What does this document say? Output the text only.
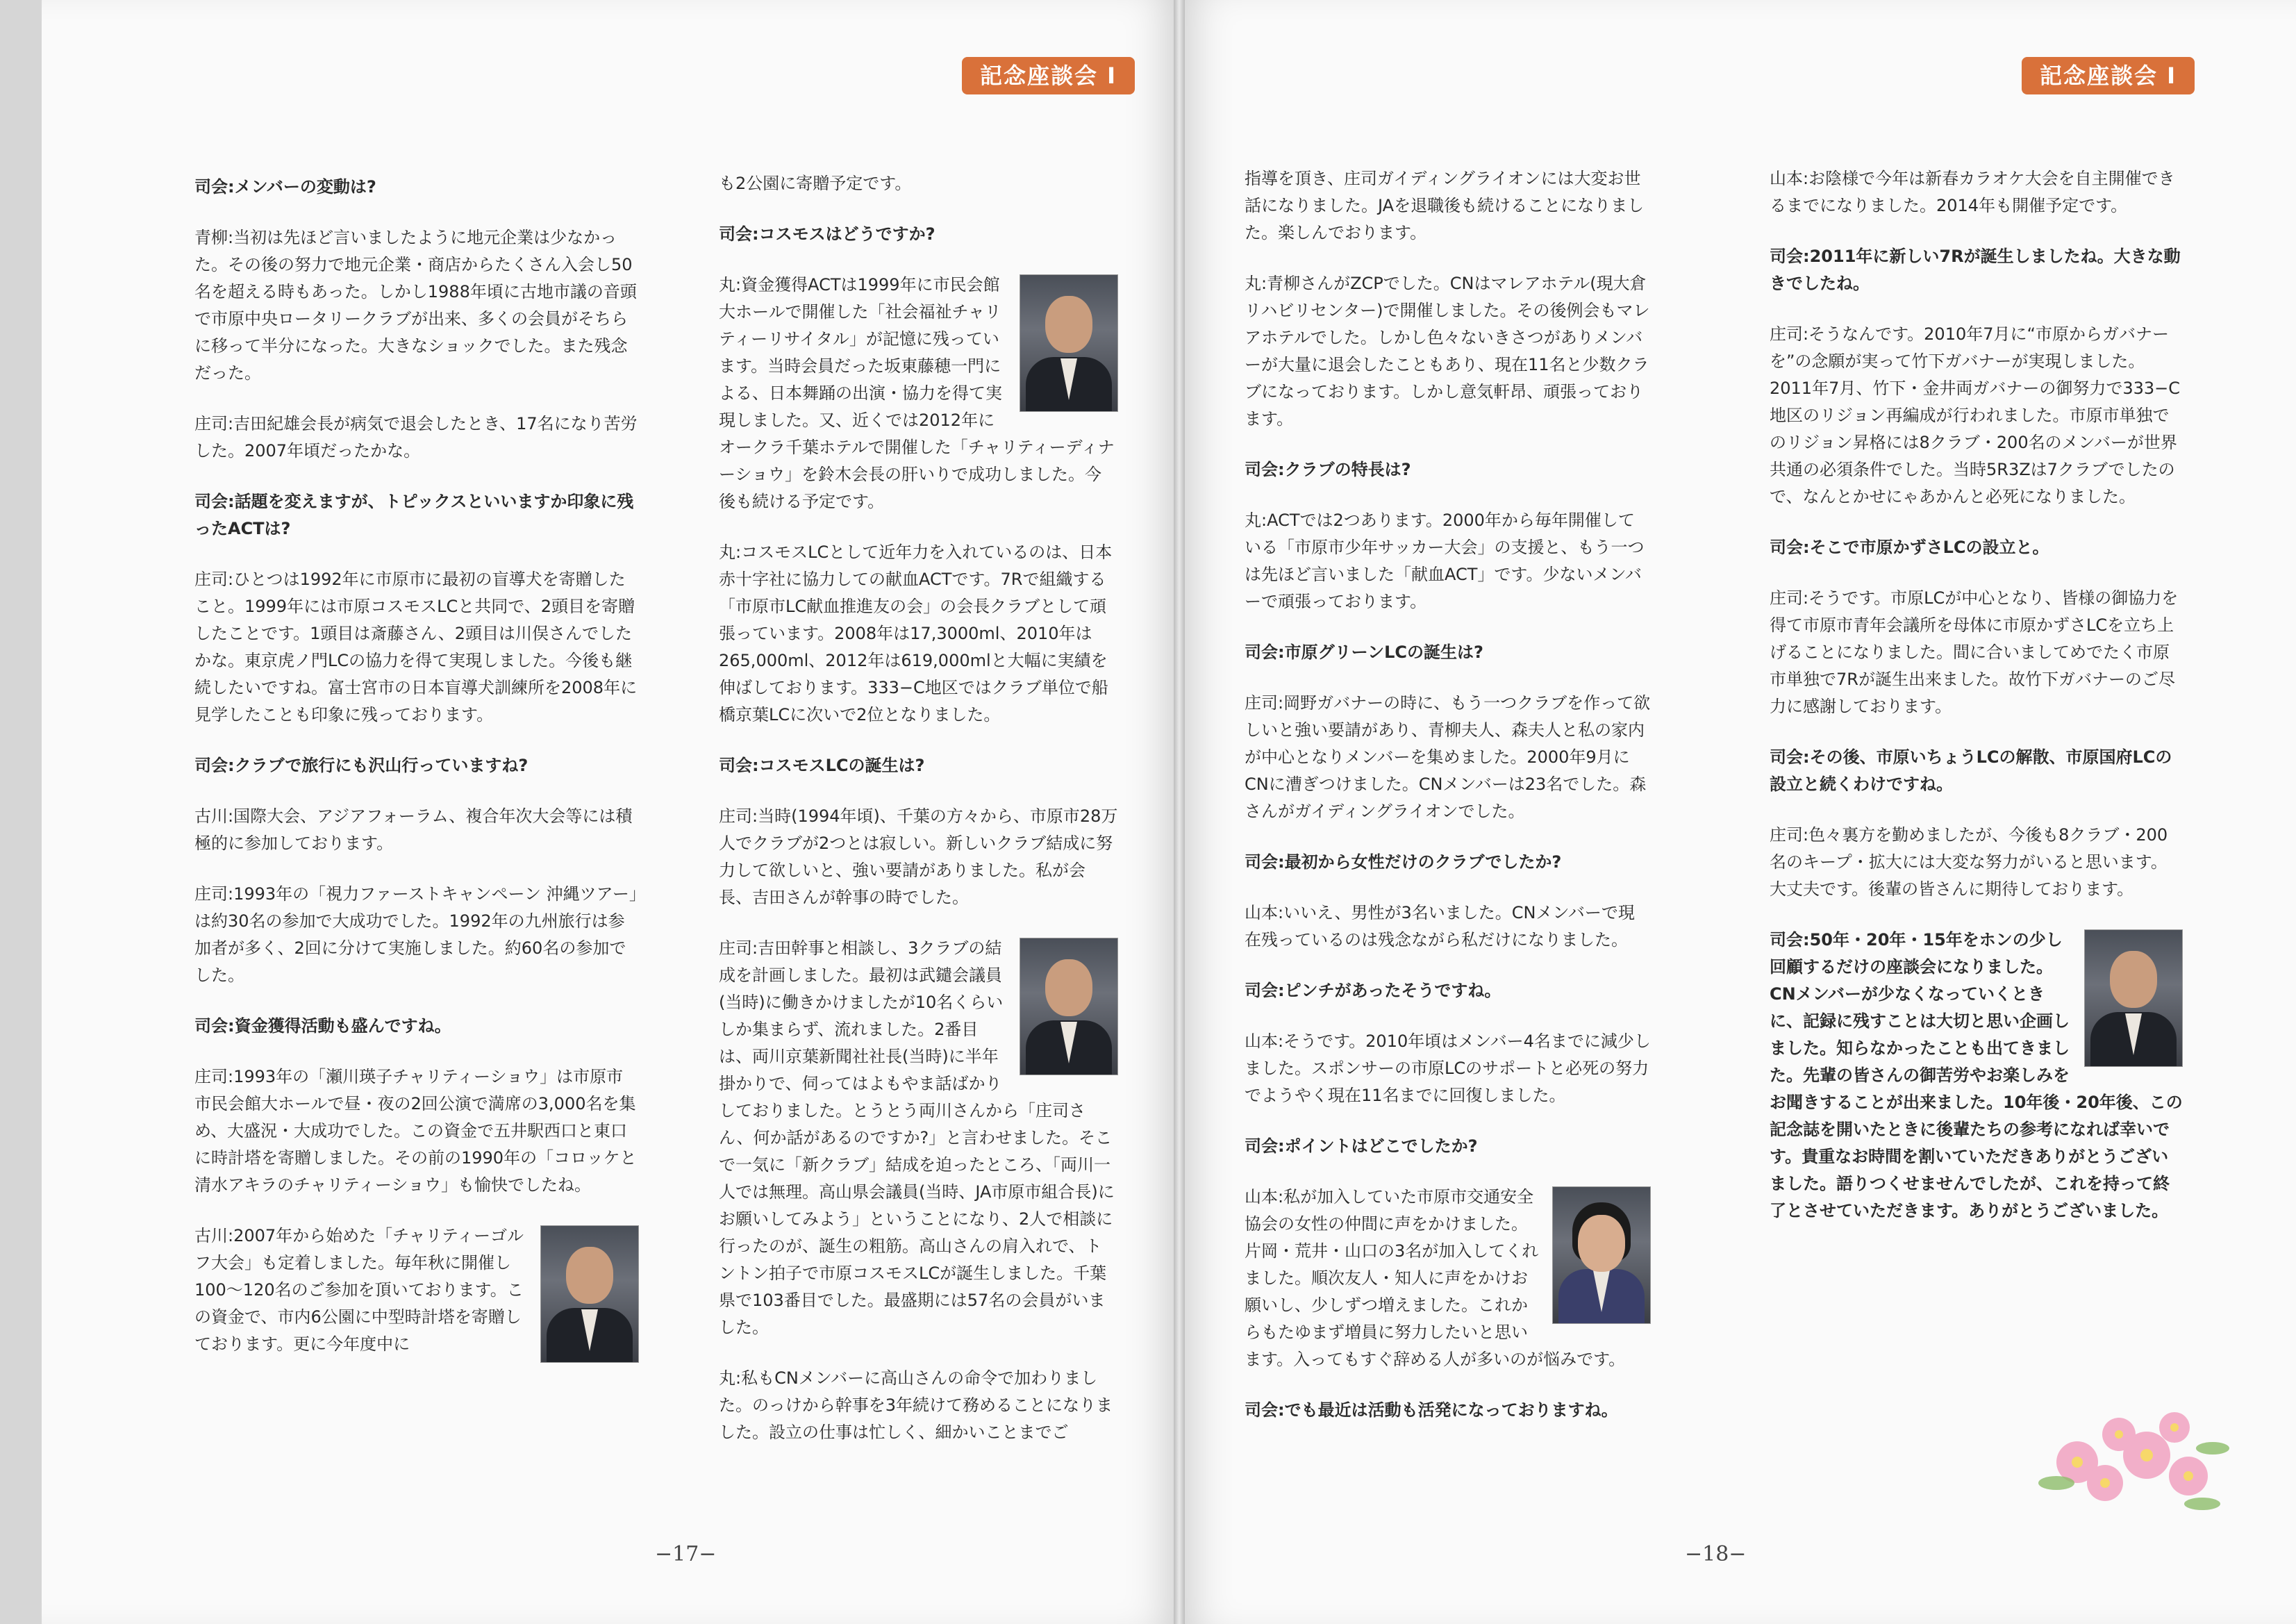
記念座談会 I
司会:メンバーの変動は?
青柳:当初は先ほど言いましたように地元企業は少なかった。その後の努力で地元企業・商店からたくさん入会し50名を超える時もあった。しかし1988年頃に古地市議の音頭で市原中央ロータリークラブが出来、多くの会員がそちらに移って半分になった。大きなショックでした。また残念だった。
庄司:吉田紀雄会長が病気で退会したとき、17名になり苦労した。2007年頃だったかな。
司会:話題を変えますが、トピックスといいますか印象に残ったACTは?
庄司:ひとつは1992年に市原市に最初の盲導犬を寄贈したこと。1999年には市原コスモスLCと共同で、2頭目を寄贈したことです。1頭目は斎藤さん、2頭目は川俣さんでしたかな。東京虎ノ門LCの協力を得て実現しました。今後も継続したいですね。富士宮市の日本盲導犬訓練所を2008年に見学したことも印象に残っております。
司会:クラブで旅行にも沢山行っていますね?
古川:国際大会、アジアフォーラム、複合年次大会等には積極的に参加しております。
庄司:1993年の「視力ファーストキャンペーン 沖縄ツアー」は約30名の参加で大成功でした。1992年の九州旅行は参加者が多く、2回に分けて実施しました。約60名の参加でした。
司会:資金獲得活動も盛んですね。
庄司:1993年の「瀬川瑛子チャリティーショウ」は市原市市民会館大ホールで昼・夜の2回公演で満席の3,000名を集め、大盛況・大成功でした。この資金で五井駅西口と東口に時計塔を寄贈しました。その前の1990年の「コロッケと清水アキラのチャリティーショウ」も愉快でしたね。
古川:2007年から始めた「チャリティーゴルフ大会」も定着しました。毎年秋に開催し100〜120名のご参加を頂いております。この資金で、市内6公園に中型時計塔を寄贈しております。更に今年度中に
も2公園に寄贈予定です。
司会:コスモスはどうですか?
丸:資金獲得ACTは1999年に市民会館大ホールで開催した「社会福祉チャリティーリサイタル」が記憶に残っています。当時会員だった坂東藤穂一門による、日本舞踊の出演・協力を得て実現しました。又、近くでは2012年にオークラ千葉ホテルで開催した「チャリティーディナーショウ」を鈴木会長の肝いりで成功しました。今後も続ける予定です。
丸:コスモスLCとして近年力を入れているのは、日本赤十字社に協力しての献血ACTです。7Rで組織する「市原市LC献血推進友の会」の会長クラブとして頑張っています。2008年は17,3000ml、2010年は265,000ml、2012年は619,000mlと大幅に実績を伸ばしております。333−C地区ではクラブ単位で船橋京葉LCに次いで2位となりました。
司会:コスモスLCの誕生は?
庄司:当時(1994年頃)、千葉の方々から、市原市28万人でクラブが2つとは寂しい。新しいクラブ結成に努力して欲しいと、強い要請がありました。私が会長、吉田さんが幹事の時でした。
庄司:吉田幹事と相談し、3クラブの結成を計画しました。最初は武鑓会議員(当時)に働きかけましたが10名くらいしか集まらず、流れました。2番目は、両川京葉新聞社社長(当時)に半年掛かりで、伺ってはよもやま話ばかりしておりました。とうとう両川さんから「庄司さん、何か話があるのですか?」と言わせました。そこで一気に「新クラブ」結成を迫ったところ、「両川一人では無理。高山県会議員(当時、JA市原市組合長)にお願いしてみよう」ということになり、2人で相談に行ったのが、誕生の粗筋。高山さんの肩入れで、トントン拍子で市原コスモスLCが誕生しました。千葉県で103番目でした。最盛期には57名の会員がいました。
丸:私もCNメンバーに高山さんの命令で加わりました。のっけから幹事を3年続けて務めることになりました。設立の仕事は忙しく、細かいことまでご
−17−
記念座談会 I
指導を頂き、庄司ガイディングライオンには大変お世話になりました。JAを退職後も続けることになりました。楽しんでおります。
丸:青柳さんがZCPでした。CNはマレアホテル(現大倉リハビリセンター)で開催しました。その後例会もマレアホテルでした。しかし色々ないきさつがありメンバーが大量に退会したこともあり、現在11名と少数クラブになっております。しかし意気軒昂、頑張っております。
司会:クラブの特長は?
丸:ACTでは2つあります。2000年から毎年開催している「市原市少年サッカー大会」の支援と、もう一つは先ほど言いました「献血ACT」です。少ないメンバーで頑張っております。
司会:市原グリーンLCの誕生は?
庄司:岡野ガバナーの時に、もう一つクラブを作って欲しいと強い要請があり、青柳夫人、森夫人と私の家内が中心となりメンバーを集めました。2000年9月にCNに漕ぎつけました。CNメンバーは23名でした。森さんがガイディングライオンでした。
司会:最初から女性だけのクラブでしたか?
山本:いいえ、男性が3名いました。CNメンバーで現在残っているのは残念ながら私だけになりました。
司会:ピンチがあったそうですね。
山本:そうです。2010年頃はメンバー4名までに減少しました。スポンサーの市原LCのサポートと必死の努力でようやく現在11名までに回復しました。
司会:ポイントはどこでしたか?
山本:私が加入していた市原市交通安全協会の女性の仲間に声をかけました。片岡・荒井・山口の3名が加入してくれました。順次友人・知人に声をかけお願いし、少しずつ増えました。これからもたゆまず増員に努力したいと思います。入ってもすぐ辞める人が多いのが悩みです。
司会:でも最近は活動も活発になっておりますね。
山本:お陰様で今年は新春カラオケ大会を自主開催できるまでになりました。2014年も開催予定です。
司会:2011年に新しい7Rが誕生しましたね。大きな動きでしたね。
庄司:そうなんです。2010年7月に“市原からガバナーを”の念願が実って竹下ガバナーが実現しました。2011年7月、竹下・金井両ガバナーの御努力で333−C地区のリジョン再編成が行われました。市原市単独でのリジョン昇格には8クラブ・200名のメンバーが世界共通の必須条件でした。当時5R3Zは7クラブでしたので、なんとかせにゃあかんと必死になりました。
司会:そこで市原かずさLCの設立と。
庄司:そうです。市原LCが中心となり、皆様の御協力を得て市原市青年会議所を母体に市原かずさLCを立ち上げることになりました。間に合いましてめでたく市原市単独で7Rが誕生出来ました。故竹下ガバナーのご尽力に感謝しております。
司会:その後、市原いちょうLCの解散、市原国府LCの設立と続くわけですね。
庄司:色々裏方を勤めましたが、今後も8クラブ・200名のキープ・拡大には大変な努力がいると思います。大丈夫です。後輩の皆さんに期待しております。
司会:50年・20年・15年をホンの少し回顧するだけの座談会になりました。CNメンバーが少なくなっていくときに、記録に残すことは大切と思い企画しました。知らなかったことも出てきました。先輩の皆さんの御苦労やお楽しみをお聞きすることが出来ました。10年後・20年後、この記念誌を開いたときに後輩たちの参考になれば幸いです。貴重なお時間を割いていただきありがとうございました。語りつくせませんでしたが、これを持って終了とさせていただきます。ありがとうございました。
−18−
